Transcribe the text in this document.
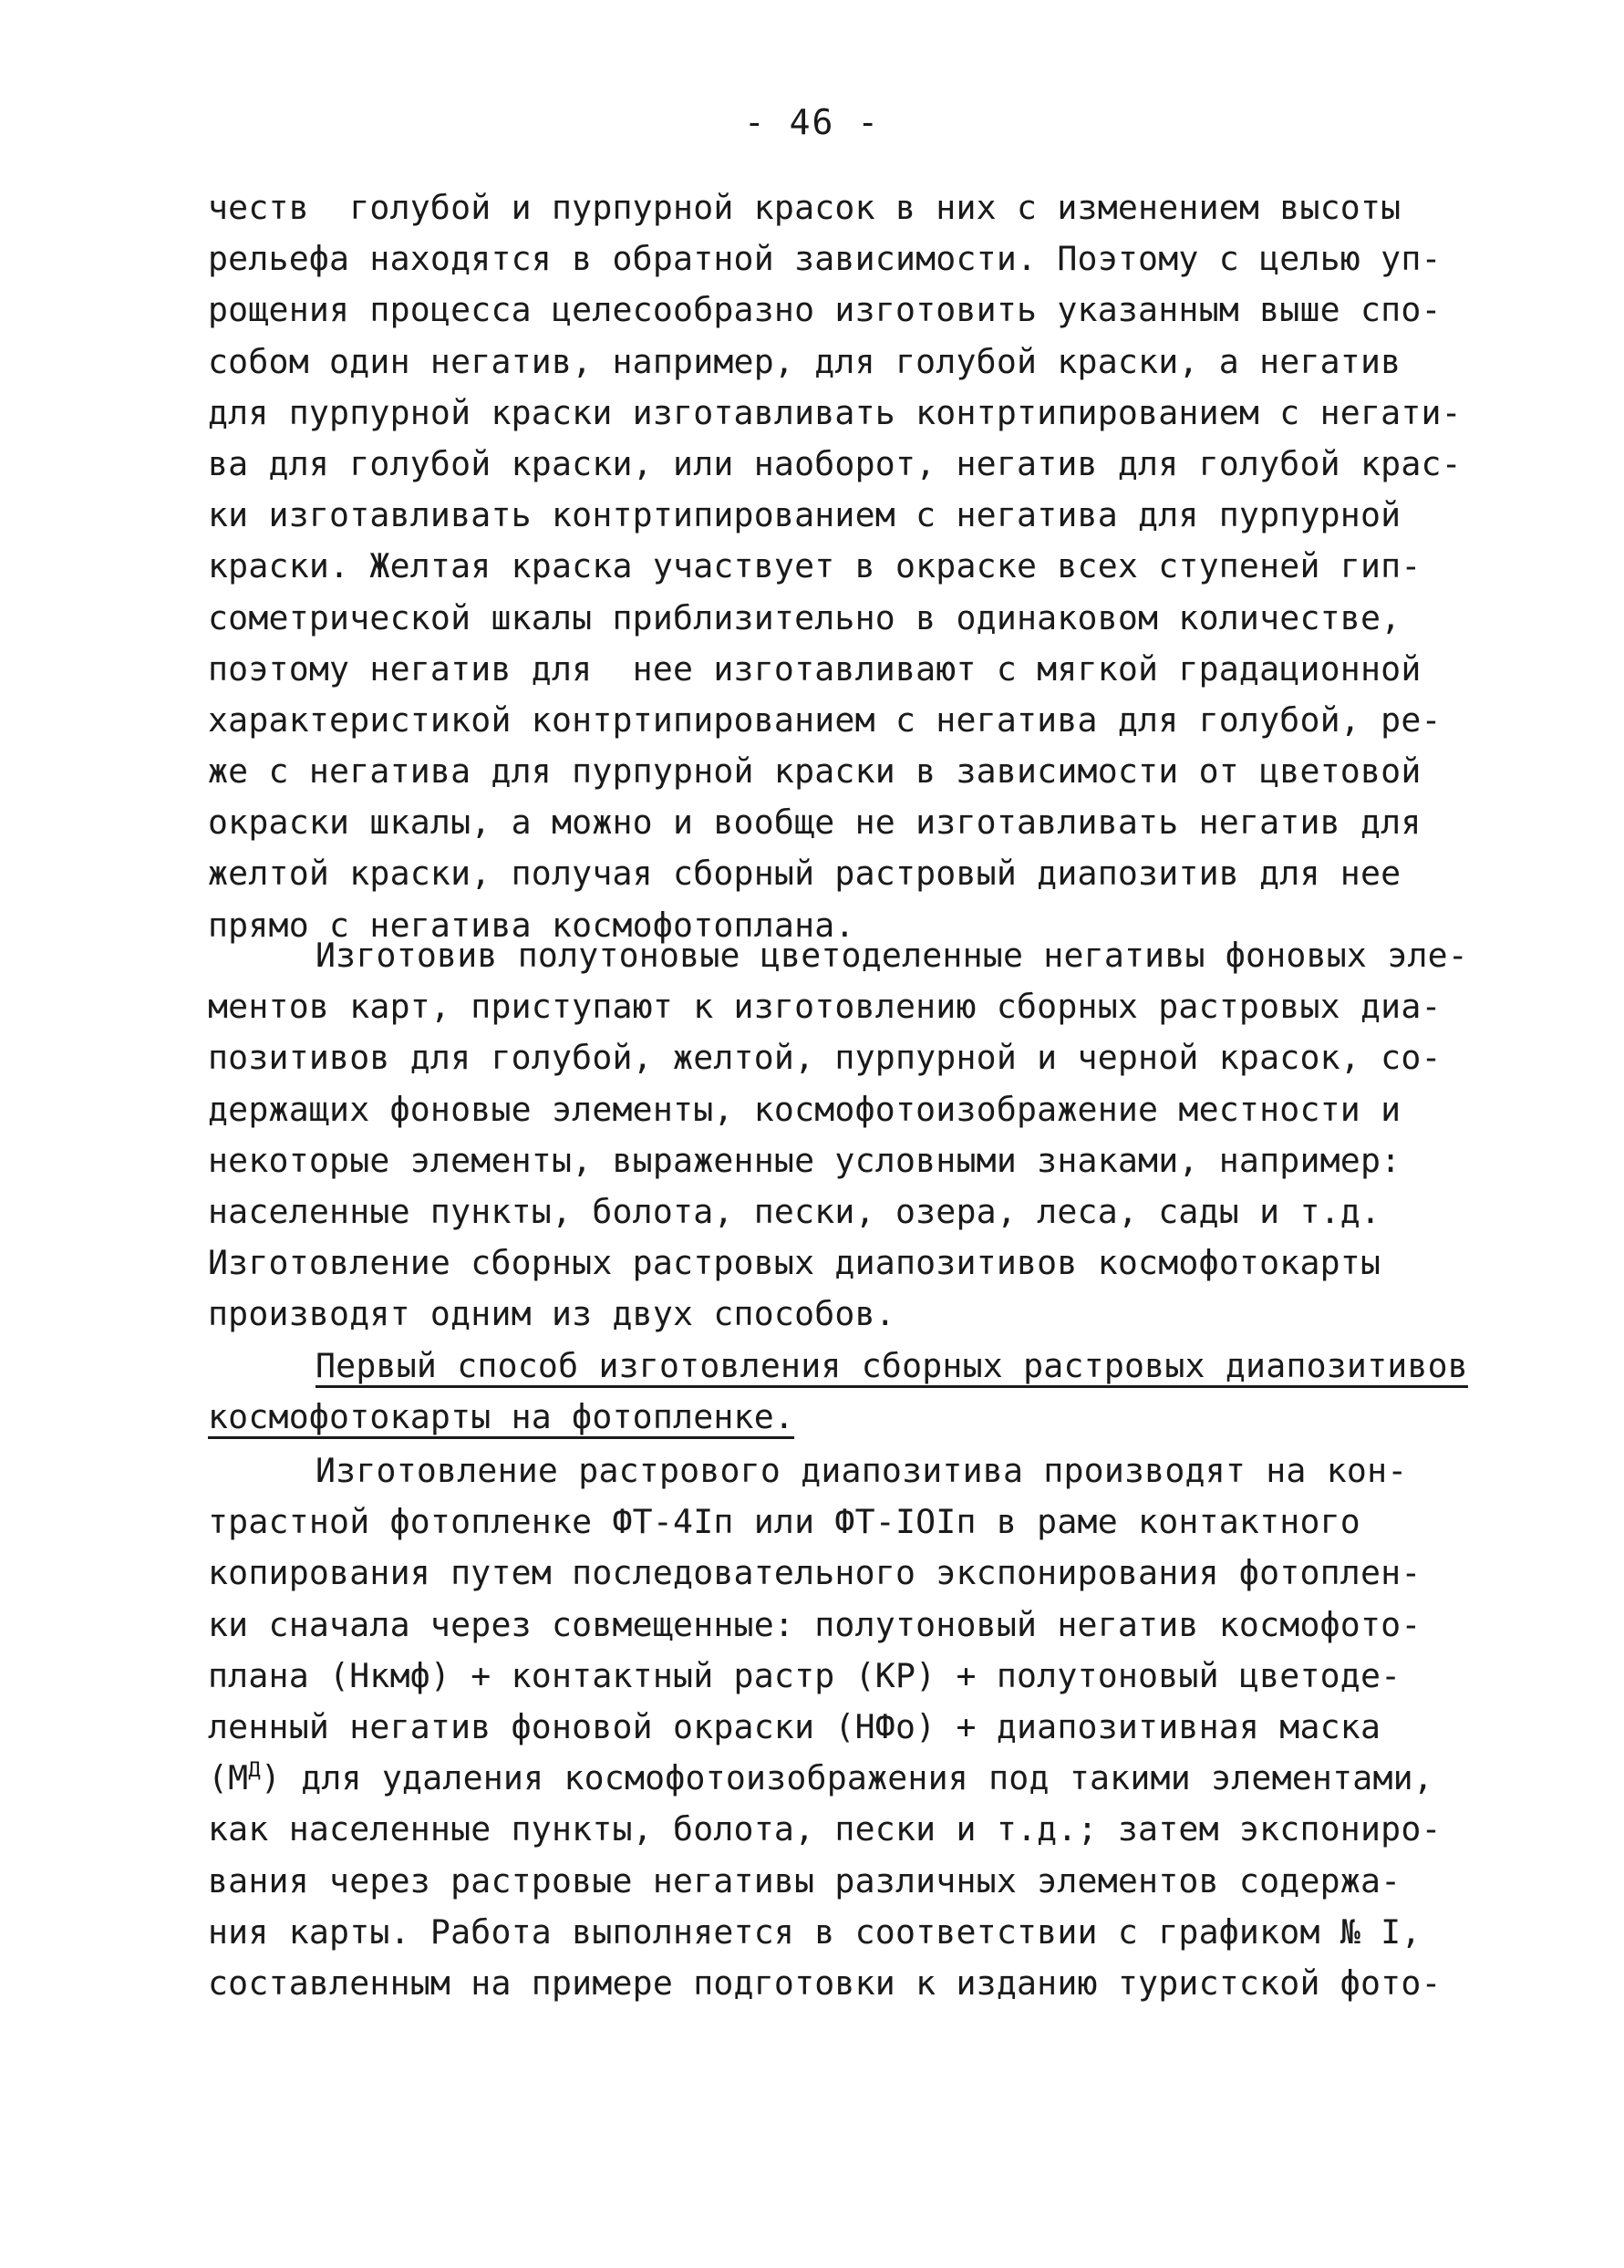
- 46 -
честв  голубой и пурпурной красок в них с изменением высоты
рельефа находятся в обратной зависимости. Поэтому с целью уп-
рощения процесса целесообразно изготовить указанным выше спо-
собом один негатив, например, для голубой краски, а негатив
для пурпурной краски изготавливать контртипированием с негати-
ва для голубой краски, или наоборот, негатив для голубой крас-
ки изготавливать контртипированием с негатива для пурпурной
краски. Желтая краска участвует в окраске всех ступеней гип-
сометрической шкалы приблизительно в одинаковом количестве,
поэтому негатив для  нее изготавливают с мягкой градационной
характеристикой контртипированием с негатива для голубой, ре-
же с негатива для пурпурной краски в зависимости от цветовой
окраски шкалы, а можно и вообще не изготавливать негатив для
желтой краски, получая сборный растровый диапозитив для нее
прямо с негатива космофотоплана.
Изготовив полутоновые цветоделенные негативы фоновых эле-
ментов карт, приступают к изготовлению сборных растровых диа-
позитивов для голубой, желтой, пурпурной и черной красок, со-
держащих фоновые элементы, космофотоизображение местности и
некоторые элементы, выраженные условными знаками, например:
населенные пункты, болота, пески, озера, леса, сады и т.д.
Изготовление сборных растровых диапозитивов космофотокарты
производят одним из двух способов.
Первый способ изготовления сборных растровых диапозитивов
космофотокарты на фотопленке.
Изготовление растрового диапозитива производят на кон-
трастной фотопленке ФТ-4Iп или ФТ-IOIп в раме контактного
копирования путем последовательного экспонирования фотоплен-
ки сначала через совмещенные: полутоновый негатив космофото-
плана (Нкмф) + контактный растр (КР) + полутоновый цветоде-
ленный негатив фоновой окраски (НФо) + диапозитивная маска
$(М^Д)$ для удаления космофотоизображения под такими элементами,
как населенные пункты, болота, пески и т.д.; затем экспониро-
вания через растровые негативы различных элементов содержа-
ния карты. Работа выполняется в соответствии с графиком № I,
составленным на примере подготовки к изданию туристской фото-
